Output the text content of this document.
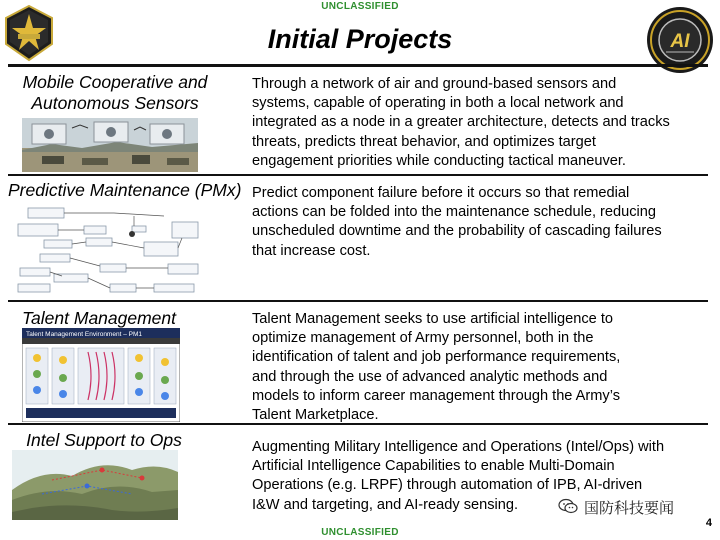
UNCLASSIFIED
AI
Initial Projects
Mobile Cooperative and
Autonomous Sensors
Through a network of air and ground-based sensors and
systems, capable of operating in both a local network and
integrated as a node in a greater architecture, detects and tracks
threats, predicts threat behavior, and optimizes target
engagement priorities while conducting tactical maneuver.
Predictive Maintenance (PMx) Predict component failure before it occurs so that remedial
actions can be folded into the maintenance schedule, reducing
unscheduled downtime and the probability of cascading failures
that increase cost.
Talent Management
Talent Management Environment – PM1
Talent Management seeks to use artificial intelligence to
optimize management of Army personnel, both in the
identification of talent and job performance requirements,
and through the use of advanced analytic methods and
models to inform career management through the Army’s
Talent Marketplace.
Intel Support to Ops	Augmenting Military Intelligence and Operations (Intel/Ops) with
Artificial Intelligence Capabilities to enable Multi-Domain
Operations (e.g. LRPF) through automation of IPB, AI-driven
I&W and targeting, and AI-ready sensing.	国防科技要闻
4
UNCLASSIFIED
